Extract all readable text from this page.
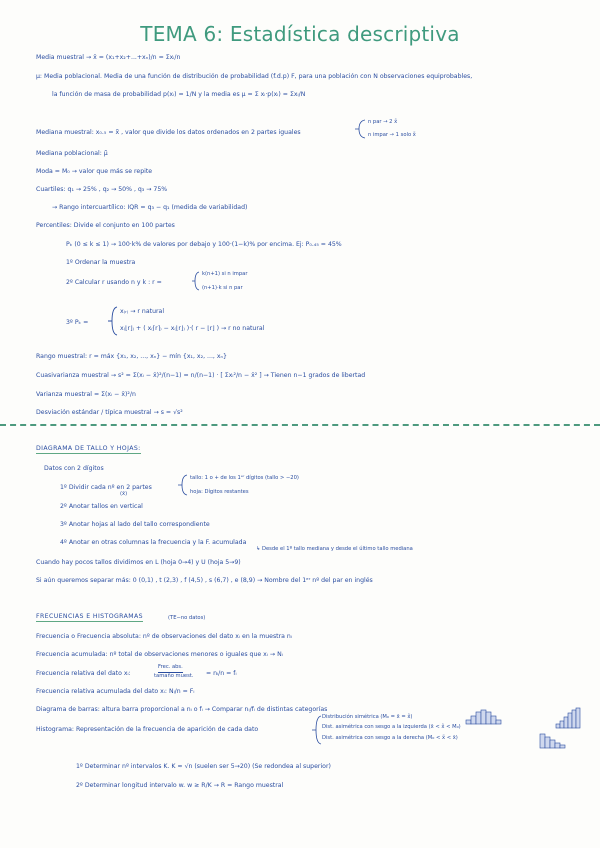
TEMA 6: Estadística descriptiva
Media muestral → x̄ = (x₁+x₂+...+xₙ)/n = Σxᵢ/n
μ: Media poblacional. Media de una función de distribución de probabilidad (f.d.p) F, para una población con N observaciones equiprobables,
la función de masa de probabilidad p(xᵢ) = 1/N y la media es μ = Σ xᵢ·p(xᵢ) = Σxᵢ/N
Mediana muestral: x₀.₅ = x̃ , valor que divide los datos ordenados en 2 partes iguales
n par → 2 x̃
n impar → 1 solo x̃
Mediana poblacional: μ̃
Moda = M₀ → valor que más se repite
Cuartiles: q₁ → 25% , q₂ → 50% , q₃ → 75%
→ Rango intercuartílico: IQR = q₃ − q₁ (medida de variabilidad)
Percentiles: Divide el conjunto en 100 partes
Pₖ (0 ≤ k ≤ 1) → 100·k% de valores por debajo y 100·(1−k)% por encima. Ej: P₀.₄₅ = 45%
1º Ordenar la muestra
2º Calcular r usando n y k : r =
k(n+1) si n impar
(n+1)·k si n par
3º Pₖ =
x₍ᵣ₎ → r natural
x₍⌊r⌋₎ + ( x₍⌈r⌉₎ − x₍⌊r⌋₎ )·( r − ⌊r⌋ ) → r no natural
Rango muestral: r = máx {x₁, x₂, ..., xₙ} − mín {x₁, x₂, ..., xₙ}
Cuasivarianza muestral → s² = Σ(xᵢ − x̄)²/(n−1) = n/(n−1) · [ Σxᵢ²/n − x̄² ] → Tienen n−1 grados de libertad
Varianza muestral = Σ(xᵢ − x̄)²/n
Desviación estándar / típica muestral → s = √s²
DIAGRAMA DE TALLO Y HOJAS:
Datos con 2 dígitos
1º Dividir cada nº en 2 partes
(x̄)
tallo: 1 o + de los 1ᵉʳ dígitos (tallo > −20)
hoja: Dígitos restantes
2º Anotar tallos en vertical
3º Anotar hojas al lado del tallo correspondiente
4º Anotar en otras columnas la frecuencia y la F. acumulada
↳ Desde el 1º tallo mediana y desde el último tallo mediana
Cuando hay pocos tallos dividimos en L (hoja 0→4) y U (hoja 5→9)
Si aún queremos separar más: 0 (0,1) , t (2,3) , f (4,5) , s (6,7) , e (8,9) → Nombre del 1ᵉʳ nº del par en inglés
FRECUENCIAS E HISTOGRAMAS	(TE−no datos)
Frecuencia o Frecuencia absoluta: nº de observaciones del dato xᵢ en la muestra nᵢ
Frecuencia acumulada: nº total de observaciones menores o iguales que xᵢ → Nᵢ
Frecuencia relativa del dato xᵢ:
Frec. abs.
tamaño muest. = nᵢ/n = fᵢ
Frecuencia relativa acumulada del dato xᵢ: Nᵢ/n = Fᵢ
Diagrama de barras: altura barra proporcional a nᵢ o fᵢ → Comparar nᵢ/fᵢ de distintas categorías
Histograma: Representación de la frecuencia de aparición de cada dato
Distribución simétrica (M₀ = x̄ = x̃)
Dist. asimétrica con sesgo a la izquierda (x̄ < x̃ < M₀)
Dist. asimétrica con sesgo a la derecha (M₀ < x̃ < x̄)
1º Determinar nº intervalos K. K ≈ √n (suelen ser 5→20) (Se redondea al superior)
2º Determinar longitud intervalo w. w ≥ R/K → R = Rango muestral
